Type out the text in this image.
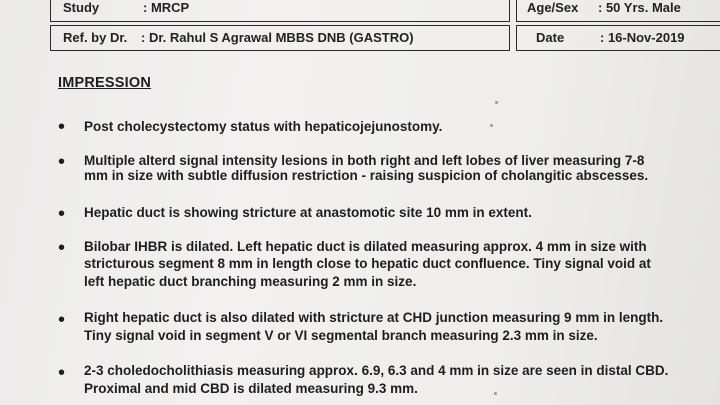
Study	: MRCP	Age/Sex : 50 Yrs. Male
Ref. by Dr. : Dr. Rahul S Agrawal MBBS DNB (GASTRO)	Date	: 16-Nov-2019
IMPRESSION
• Post cholecystectomy status with hepaticojejunostomy.
• Multiple alterd signal intensity lesions in both right and left lobes of liver measuring 7-8
mm in size with subtle diffusion restriction - raising suspicion of cholangitic abscesses.
• Hepatic duct is showing stricture at anastomotic site 10 mm in extent.
• Bilobar IHBR is dilated. Left hepatic duct is dilated measuring approx. 4 mm in size with
stricturous segment 8 mm in length close to hepatic duct confluence. Tiny signal void at
left hepatic duct branching measuring 2 mm in size.
• Right hepatic duct is also dilated with stricture at CHD junction measuring 9 mm in length.
Tiny signal void in segment V or VI segmental branch measuring 2.3 mm in size.
• 2-3 choledocholithiasis measuring approx. 6.9, 6.3 and 4 mm in size are seen in distal CBD.
Proximal and mid CBD is dilated measuring 9.3 mm.
